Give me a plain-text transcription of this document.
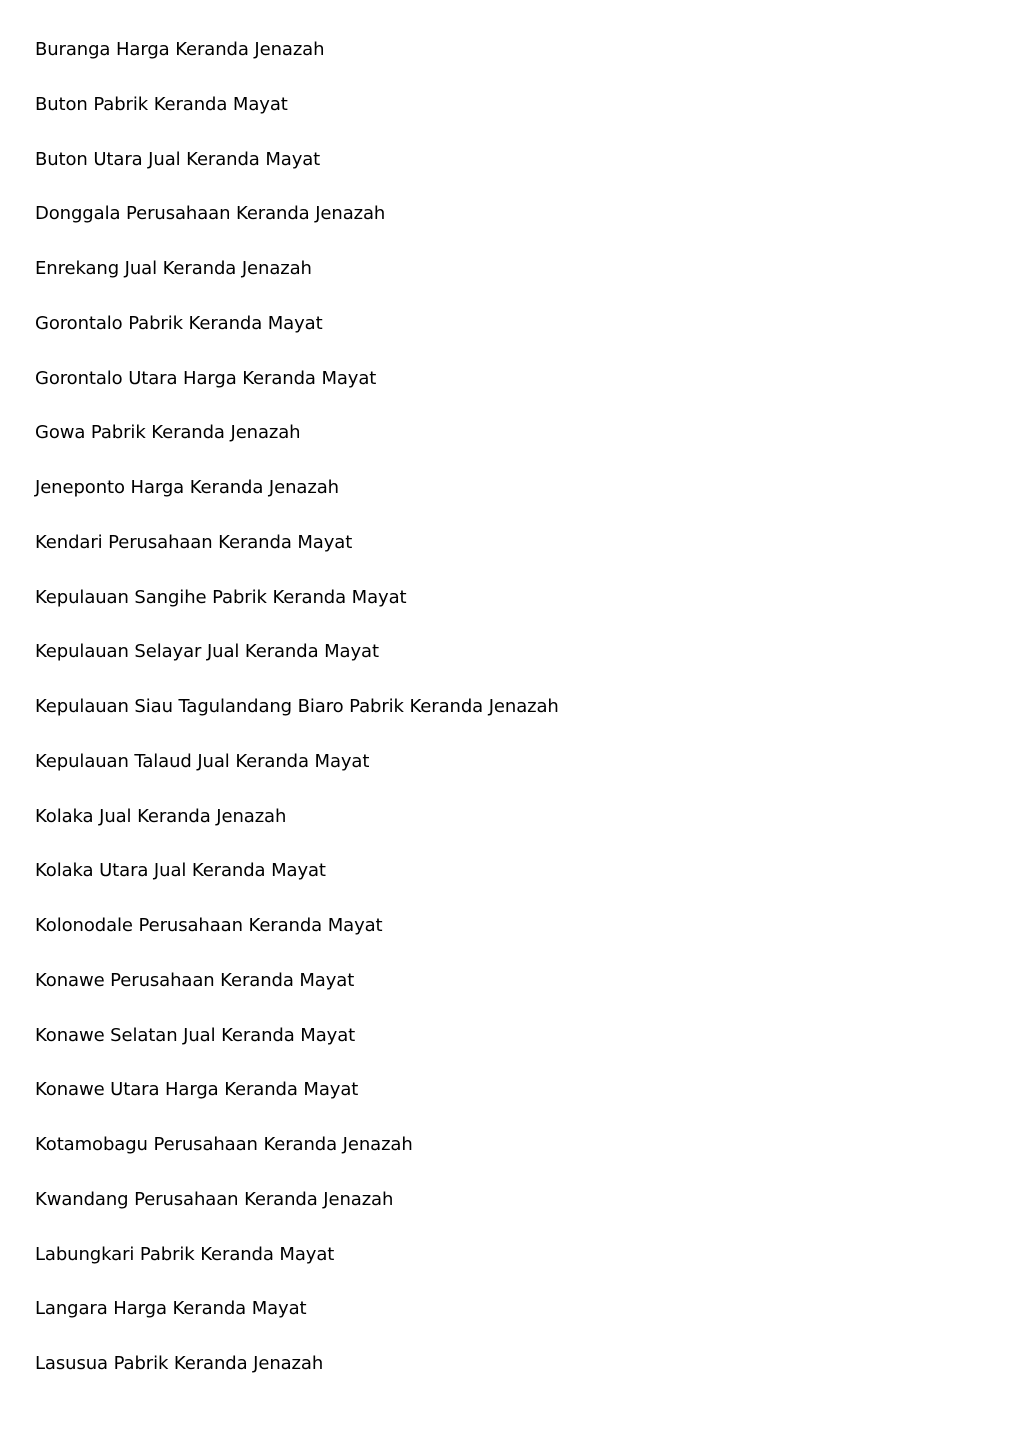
Buranga Harga Keranda Jenazah
Buton Pabrik Keranda Mayat
Buton Utara Jual Keranda Mayat
Donggala Perusahaan Keranda Jenazah
Enrekang Jual Keranda Jenazah
Gorontalo Pabrik Keranda Mayat
Gorontalo Utara Harga Keranda Mayat
Gowa Pabrik Keranda Jenazah
Jeneponto Harga Keranda Jenazah
Kendari Perusahaan Keranda Mayat
Kepulauan Sangihe Pabrik Keranda Mayat
Kepulauan Selayar Jual Keranda Mayat
Kepulauan Siau Tagulandang Biaro Pabrik Keranda Jenazah
Kepulauan Talaud Jual Keranda Mayat
Kolaka Jual Keranda Jenazah
Kolaka Utara Jual Keranda Mayat
Kolonodale Perusahaan Keranda Mayat
Konawe Perusahaan Keranda Mayat
Konawe Selatan Jual Keranda Mayat
Konawe Utara Harga Keranda Mayat
Kotamobagu Perusahaan Keranda Jenazah
Kwandang Perusahaan Keranda Jenazah
Labungkari Pabrik Keranda Mayat
Langara Harga Keranda Mayat
Lasusua Pabrik Keranda Jenazah
